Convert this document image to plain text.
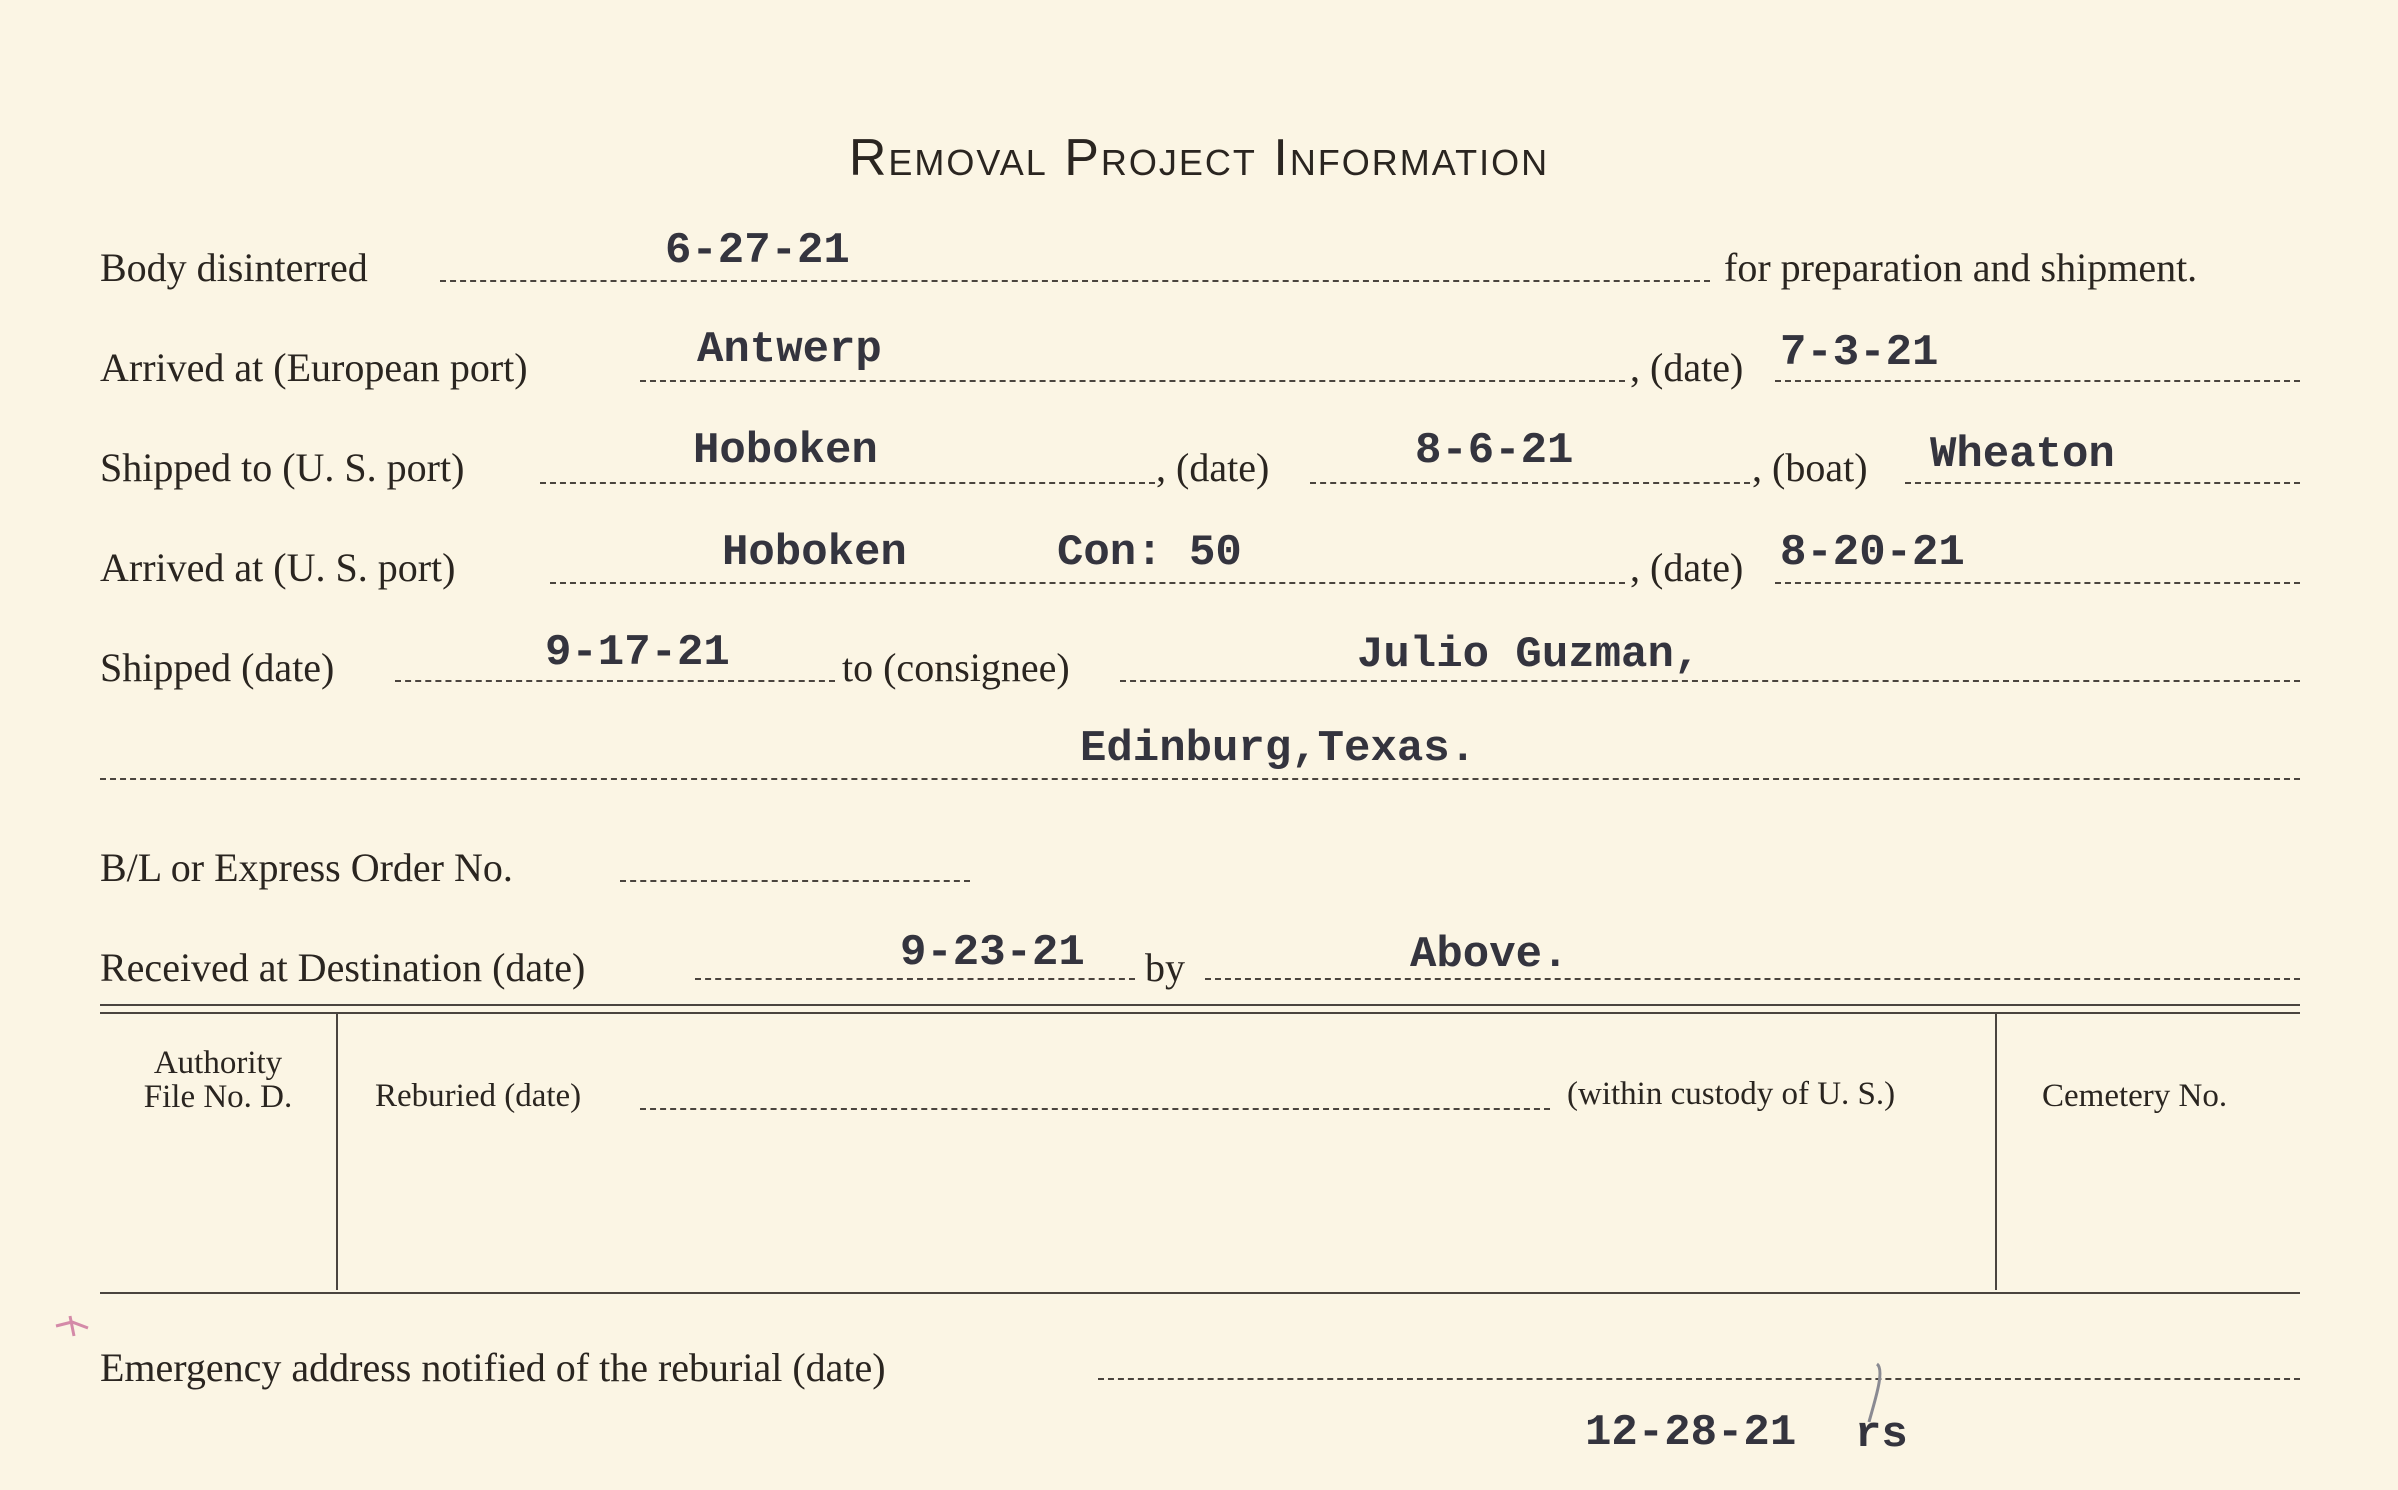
Removal Project Information
Body disinterred	6-27-21	for preparation and shipment.
Arrived at (European port)	Antwerp	, (date) 7-3-21
Shipped to (U. S. port)	Hoboken	, (date)	8-6-21	, (boat) Wheaton
Arrived at (U. S. port)	Hoboken	Con: 50	, (date) 8-20-21
Shipped (date)	9-17-21	to (consignee)	Julio Guzman,
Edinburg,Texas.
B/L or Express Order No.
Received at Destination (date)	9-23-21 by	Above.
Authority
File No. D.	Reburied (date)	(within custody of U. S.)	Cemetery No.
Emergency address notified of the reburial (date)
12-28-21 rs
